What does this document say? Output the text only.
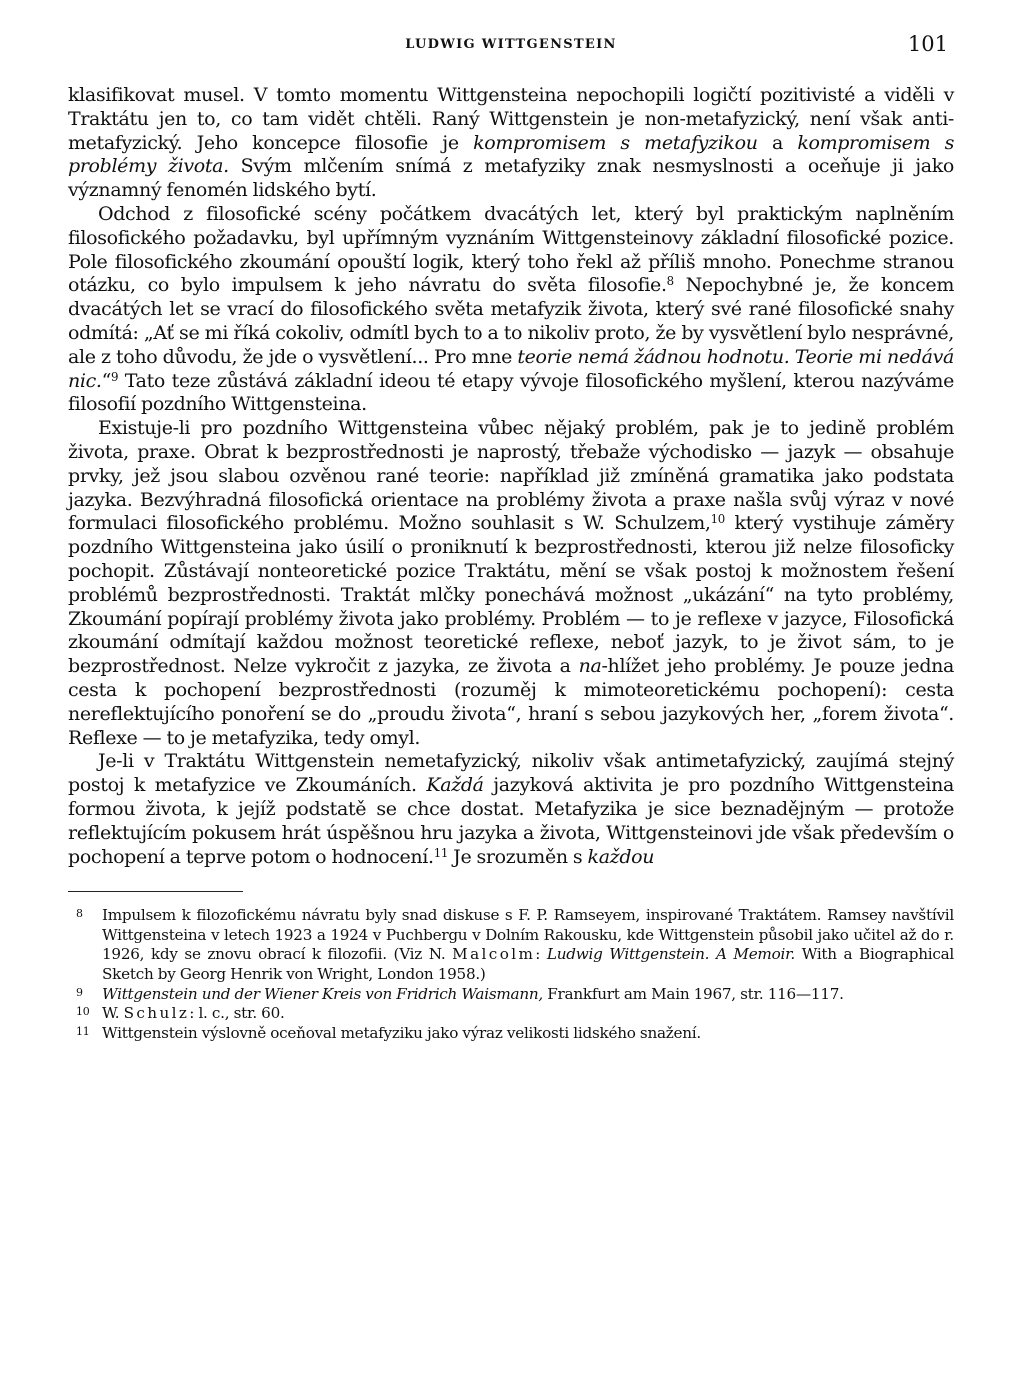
LUDWIG WITTGENSTEIN	101

klasifikovat musel. V tomto momentu Wittgensteina nepochopili logičtí pozitivisté a viděli v Traktátu jen to, co tam vidět chtěli. Raný Wittgenstein je non-metafyzický, není však anti-metafyzický. Jeho koncepce filosofie je kompromisem s metafyzikou a kompromisem s problémy života. Svým mlčením snímá z metafyziky znak nesmyslnosti a oceňuje ji jako významný fenomén lidského bytí.

Odchod z filosofické scény počátkem dvacátých let, který byl praktickým naplněním filosofického požadavku, byl upřímným vyznáním Wittgensteinovy základní filosofické pozice. Pole filosofického zkoumání opouští logik, který toho řekl až příliš mnoho. Ponechme stranou otázku, co bylo impulsem k jeho návratu do světa filosofie.$^8$ Nepochybné je, že koncem dvacátých let se vrací do filosofického světa metafyzik života, který své rané filosofické snahy odmítá: „Ať se mi říká cokoliv, odmítl bych to a to nikoliv proto, že by vysvětlení bylo nesprávné, ale z toho důvodu, že jde o vysvětlení... Pro mne teorie nemá žádnou hodnotu. Teorie mi nedává nic.“$^9$ Tato teze zůstává základní ideou té etapy vývoje filosofického myšlení, kterou nazýváme filosofií pozdního Wittgensteina.

Existuje-li pro pozdního Wittgensteina vůbec nějaký problém, pak je to jedině problém života, praxe. Obrat k bezprostřednosti je naprostý, třebaže východisko — jazyk — obsahuje prvky, jež jsou slabou ozvěnou rané teorie: například již zmíněná gramatika jako podstata jazyka. Bezvýhradná filosofická orientace na problémy života a praxe našla svůj výraz v nové formulaci filosofického problému. Možno souhlasit s W. Schulzem,$^{10}$ který vystihuje záměry pozdního Wittgensteina jako úsilí o proniknutí k bezprostřednosti, kterou již nelze filosoficky pochopit. Zůstávají nonteoretické pozice Traktátu, mění se však postoj k možnostem řešení problémů bezprostřednosti. Traktát mlčky ponechává možnost „ukázání“ na tyto problémy, Zkoumání popírají problémy života jako problémy. Problém — to je reflexe v jazyce, Filosofická zkoumání odmítají každou možnost teoretické reflexe, neboť jazyk, to je život sám, to je bezprostřednost. Nelze vykročit z jazyka, ze života a na-hlížet jeho problémy. Je pouze jedna cesta k pochopení bezprostřednosti (rozuměj k mimoteoretickému pochopení): cesta nereflektujícího ponoření se do „proudu života“, hraní s sebou jazykových her, „forem života“. Reflexe — to je metafyzika, tedy omyl.

Je-li v Traktátu Wittgenstein nemetafyzický, nikoliv však antimetafyzický, zaujímá stejný postoj k metafyzice ve Zkoumáních. Každá jazyková aktivita je pro pozdního Wittgensteina formou života, k jejíž podstatě se chce dostat. Metafyzika je sice beznadějným — protože reflektujícím pokusem hrát úspěšnou hru jazyka a života, Wittgensteinovi jde však především o pochopení a teprve potom o hodnocení.$^{11}$ Je srozuměn s každou

8 Impulsem k filozofickému návratu byly snad diskuse s F. P. Ramseyem, inspirované Traktátem. Ramsey navštívil Wittgensteina v letech 1923 a 1924 v Puchbergu v Dolním Rakousku, kde Wittgenstein působil jako učitel až do r. 1926, kdy se znovu obrací k filozofii. (Viz N. Malcolm: Ludwig Wittgenstein. A Memoir. With a Biographical Sketch by Georg Henrik von Wright, London 1958.)
9 Wittgenstein und der Wiener Kreis von Fridrich Waismann, Frankfurt am Main 1967, str. 116—117.
10 W. Schulz: l. c., str. 60.
11 Wittgenstein výslovně oceňoval metafyziku jako výraz velikosti lidského snažení.
